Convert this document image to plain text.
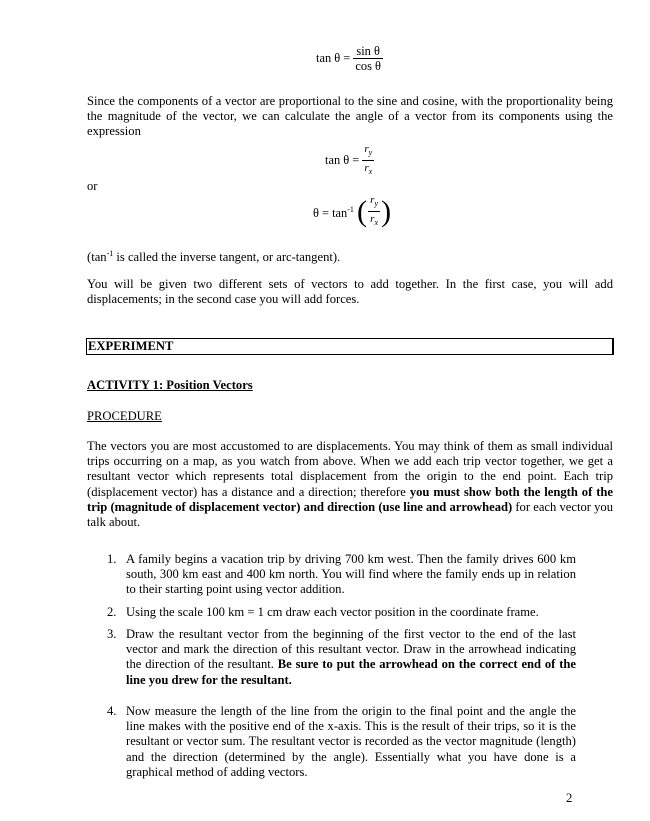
$\tan \theta = \frac{\text{sin θ}}{\text{cos θ}}$
Since the components of a vector are proportional to the sine and cosine, with the proportionality being the magnitude of the vector, we can calculate the angle of a vector from its components using the expression
$\tan \theta = \frac{r_y}{r_x}$
or
$\theta = \tan^{-1}$ ( $\frac{r_y}{r_x}$ )
($\tan^{-1}$ is called the inverse tangent, or arc-tangent).
You will be given two different sets of vectors to add together. In the first case, you will add displacements; in the second case you will add forces.
EXPERIMENT
ACTIVITY 1: Position Vectors
PROCEDURE
The vectors you are most accustomed to are displacements. You may think of them as small individual trips occurring on a map, as you watch from above. When we add each trip vector together, we get a resultant vector which represents total displacement from the origin to the end point. Each trip (displacement vector) has a distance and a direction; therefore you must show both the length of the trip (magnitude of displacement vector) and direction (use line and arrowhead) for each vector you talk about.
1. A family begins a vacation trip by driving 700 km west. Then the family drives 600 km south, 300 km east and 400 km north. You will find where the family ends up in relation to their starting point using vector addition.
2. Using the scale 100 km = 1 cm draw each vector position in the coordinate frame.
3. Draw the resultant vector from the beginning of the first vector to the end of the last vector and mark the direction of this resultant vector. Draw in the arrowhead indicating the direction of the resultant. Be sure to put the arrowhead on the correct end of the line you drew for the resultant.
4. Now measure the length of the line from the origin to the final point and the angle the line makes with the positive end of the x-axis. This is the result of their trips, so it is the resultant or vector sum. The resultant vector is recorded as the vector magnitude (length) and the direction (determined by the angle). Essentially what you have done is a graphical method of adding vectors.
2
